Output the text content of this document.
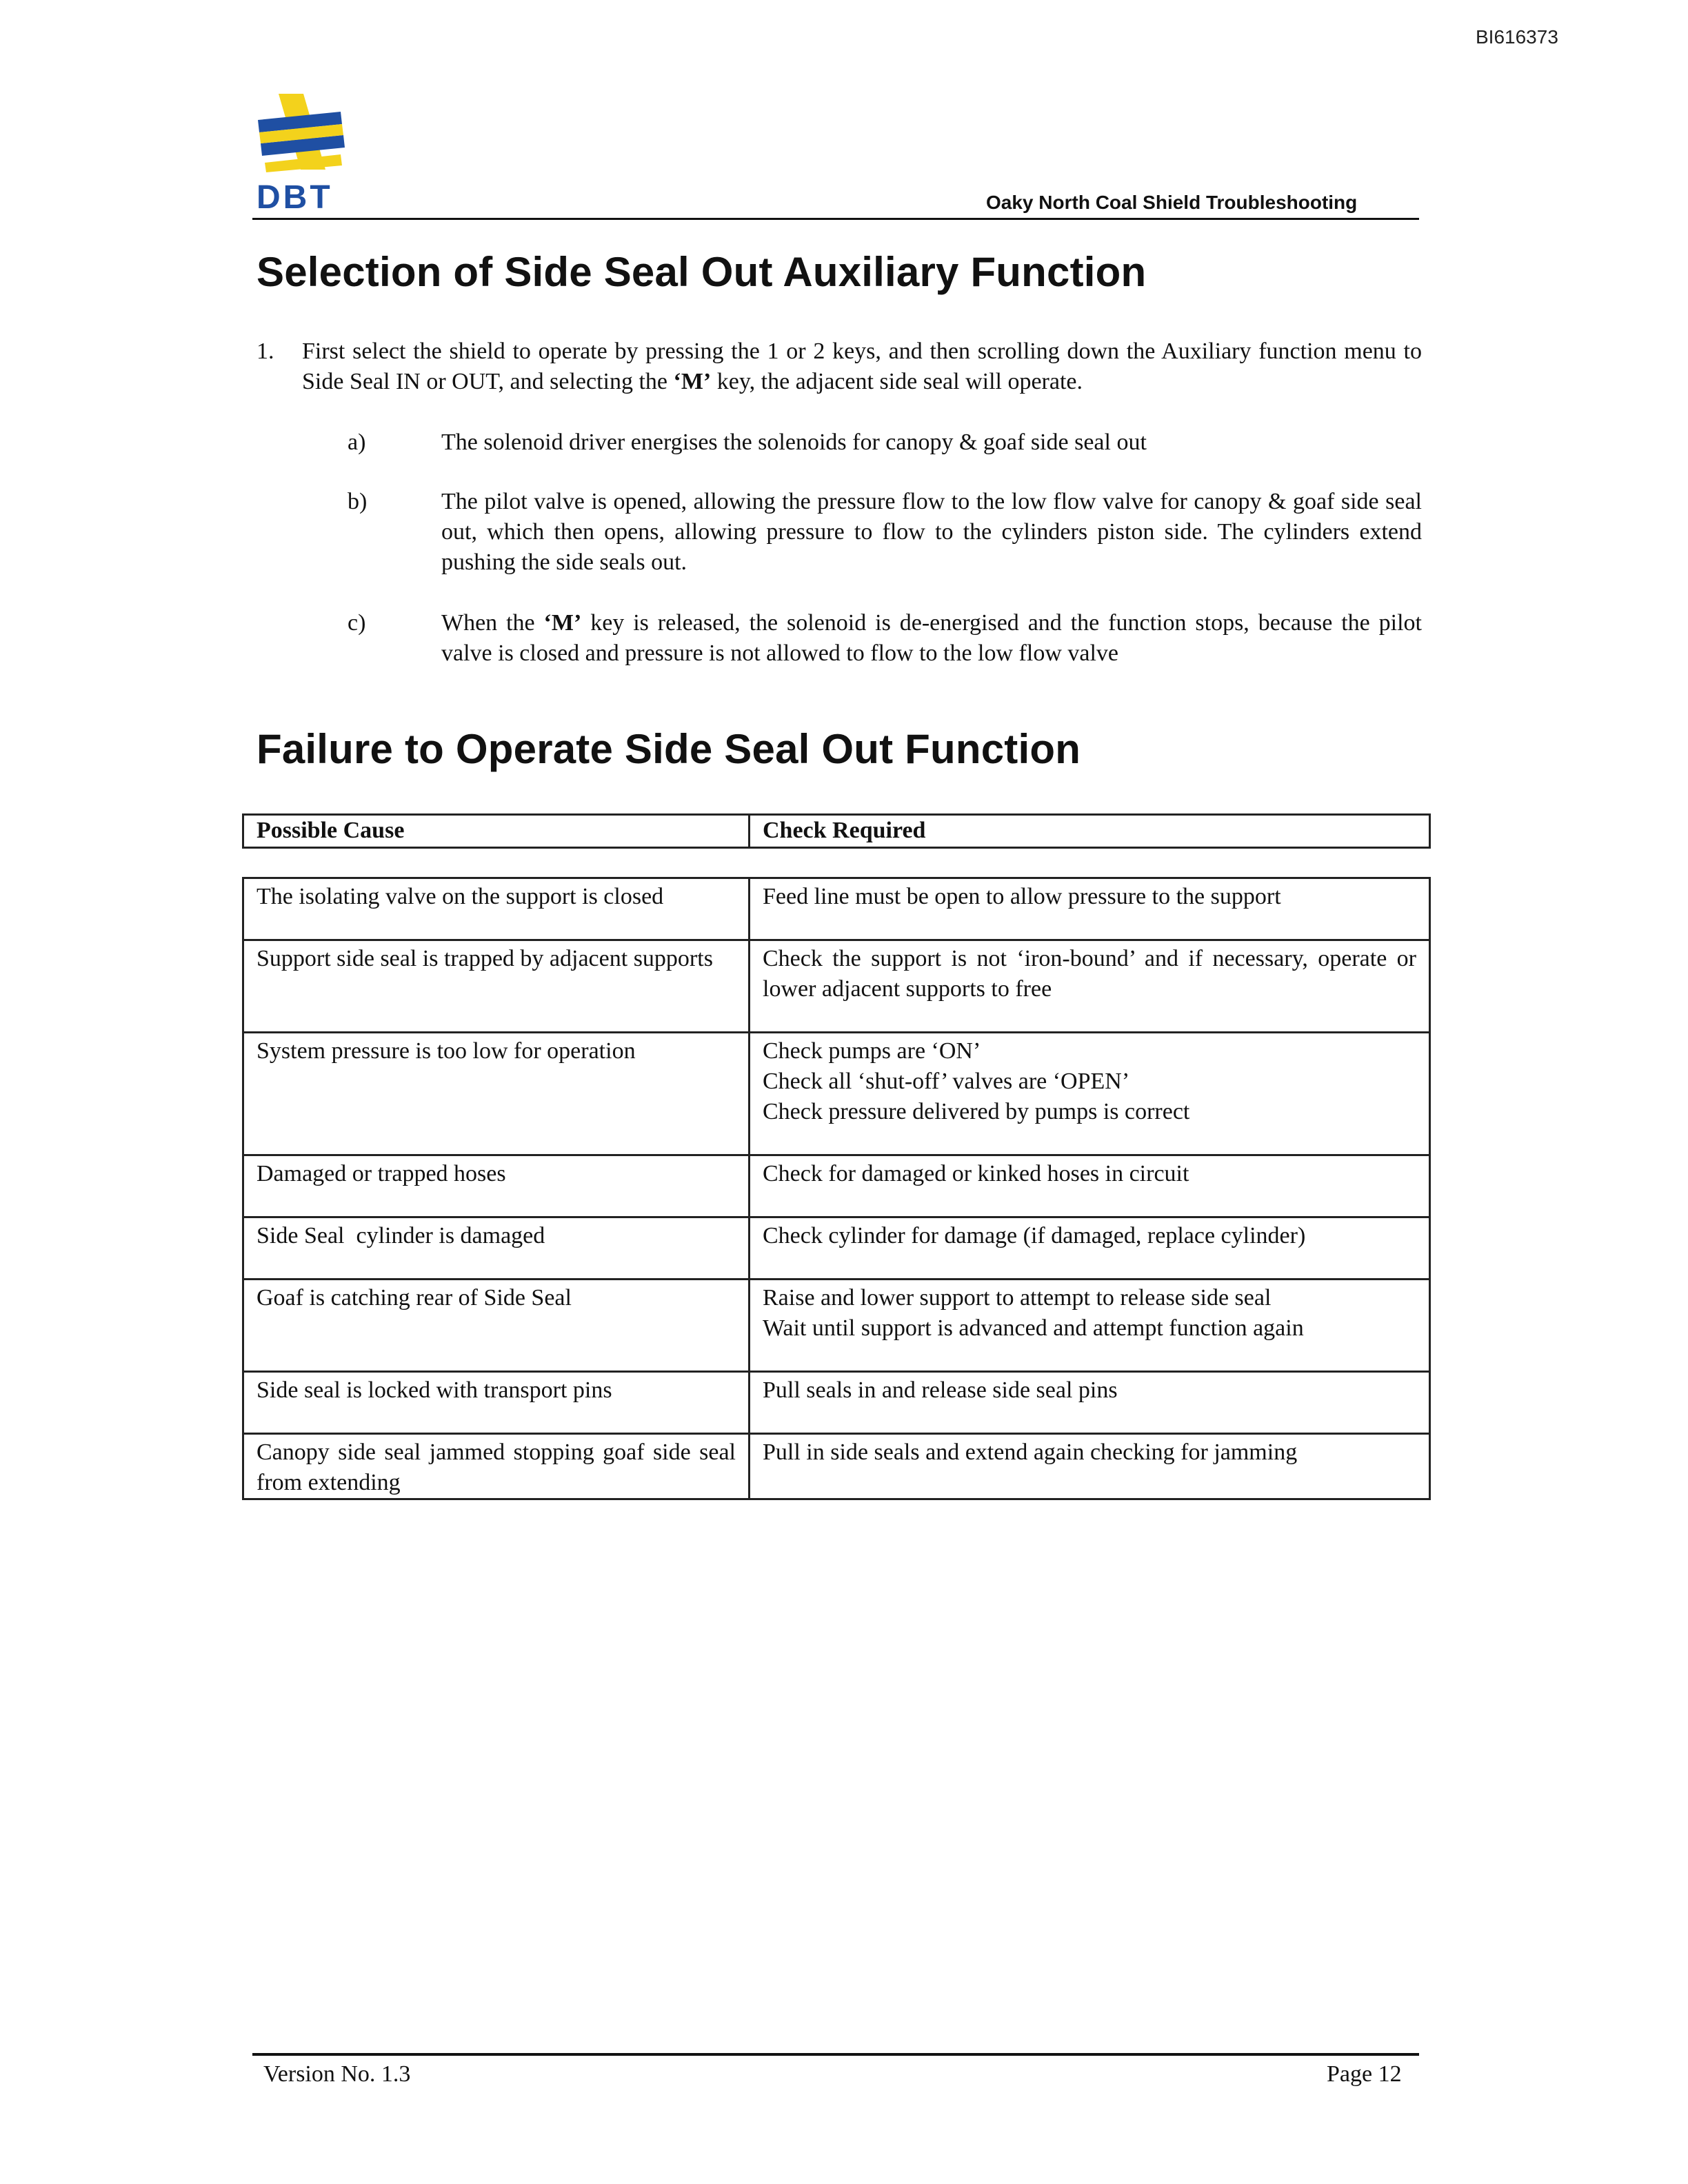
BI616373
DBT	Oaky North Coal Shield Troubleshooting
Selection of Side Seal Out Auxiliary Function
1. First select the shield to operate by pressing the 1 or 2 keys, and then scrolling down the Auxiliary function menu to Side Seal IN or OUT, and selecting the ‘M’ key, the adjacent side seal will operate.
a)	The solenoid driver energises the solenoids for canopy & goaf side seal out
b)	The pilot valve is opened, allowing the pressure flow to the low flow valve for canopy & goaf side seal out, which then opens, allowing pressure to flow to the cylinders piston side. The cylinders extend pushing the side seals out.
c)	When the ‘M’ key is released, the solenoid is de-energised and the function stops, because the pilot valve is closed and pressure is not allowed to flow to the low flow valve
Failure to Operate Side Seal Out Function
Possible Cause	Check Required
The isolating valve on the support is closed	Feed line must be open to allow pressure to the support
Support side seal is trapped by adjacent supports	Check the support is not ‘iron-bound’ and if necessary, operate or lower adjacent supports to free
System pressure is too low for operation	Check pumps are ‘ON’
Check all ‘shut-off’ valves are ‘OPEN’
Check pressure delivered by pumps is correct
Damaged or trapped hoses	Check for damaged or kinked hoses in circuit
Side Seal  cylinder is damaged	Check cylinder for damage (if damaged, replace cylinder)
Goaf is catching rear of Side Seal	Raise and lower support to attempt to release side seal
Wait until support is advanced and attempt function again
Side seal is locked with transport pins	Pull seals in and release side seal pins
Canopy side seal jammed stopping goaf side seal from extending	Pull in side seals and extend again checking for jamming
Version No. 1.3	Page 12
